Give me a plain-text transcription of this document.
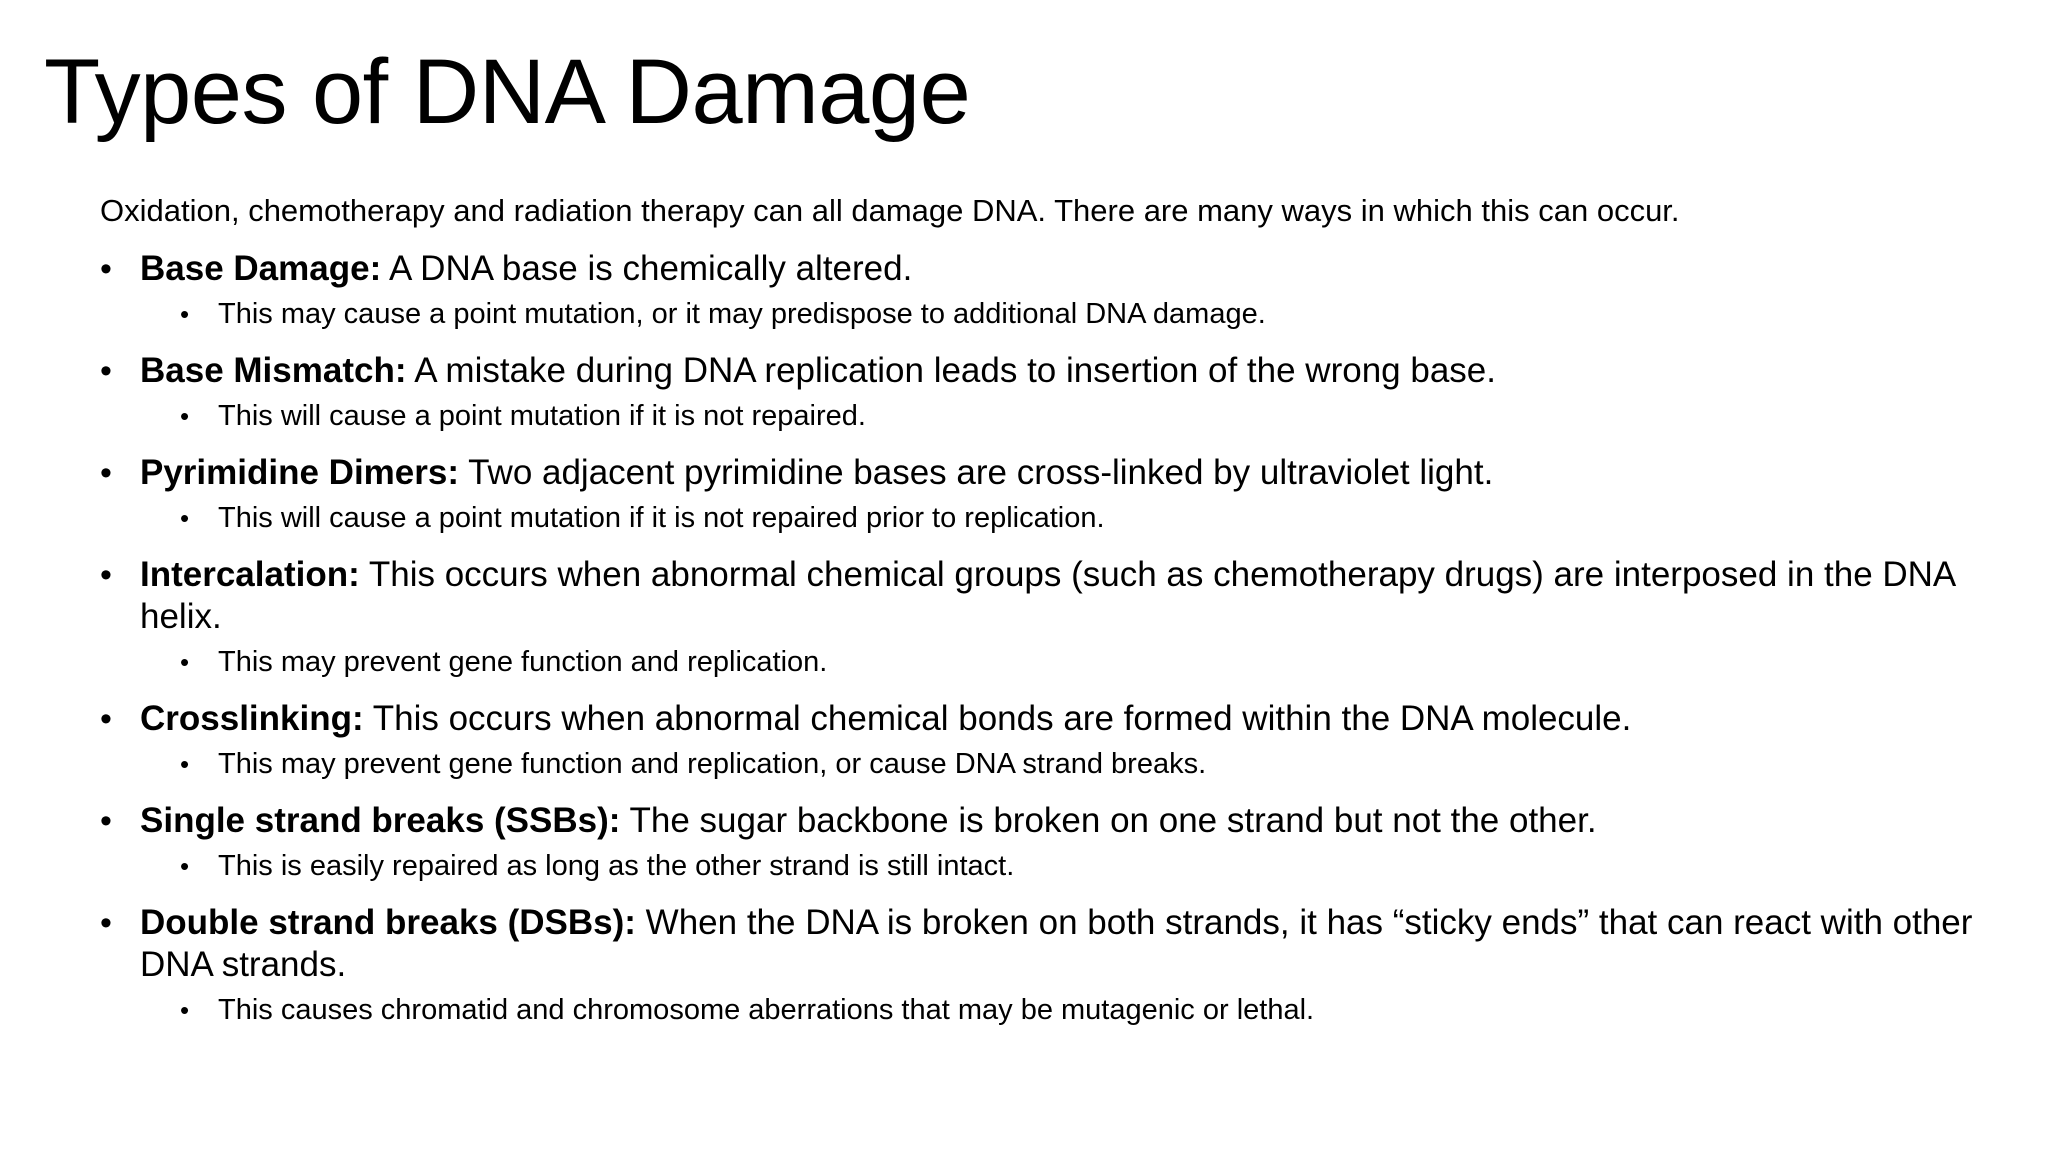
Types of DNA Damage

Oxidation, chemotherapy and radiation therapy can all damage DNA. There are many ways in which this can occur.

• Base Damage: A DNA base is chemically altered.
• This may cause a point mutation, or it may predispose to additional DNA damage.
• Base Mismatch: A mistake during DNA replication leads to insertion of the wrong base.
• This will cause a point mutation if it is not repaired.
• Pyrimidine Dimers: Two adjacent pyrimidine bases are cross-linked by ultraviolet light.
• This will cause a point mutation if it is not repaired prior to replication.
• Intercalation: This occurs when abnormal chemical groups (such as chemotherapy drugs) are interposed in the DNA helix.
• This may prevent gene function and replication.
• Crosslinking: This occurs when abnormal chemical bonds are formed within the DNA molecule.
• This may prevent gene function and replication, or cause DNA strand breaks.
• Single strand breaks (SSBs): The sugar backbone is broken on one strand but not the other.
• This is easily repaired as long as the other strand is still intact.
• Double strand breaks (DSBs): When the DNA is broken on both strands, it has “sticky ends” that can react with other DNA strands.
• This causes chromatid and chromosome aberrations that may be mutagenic or lethal.
